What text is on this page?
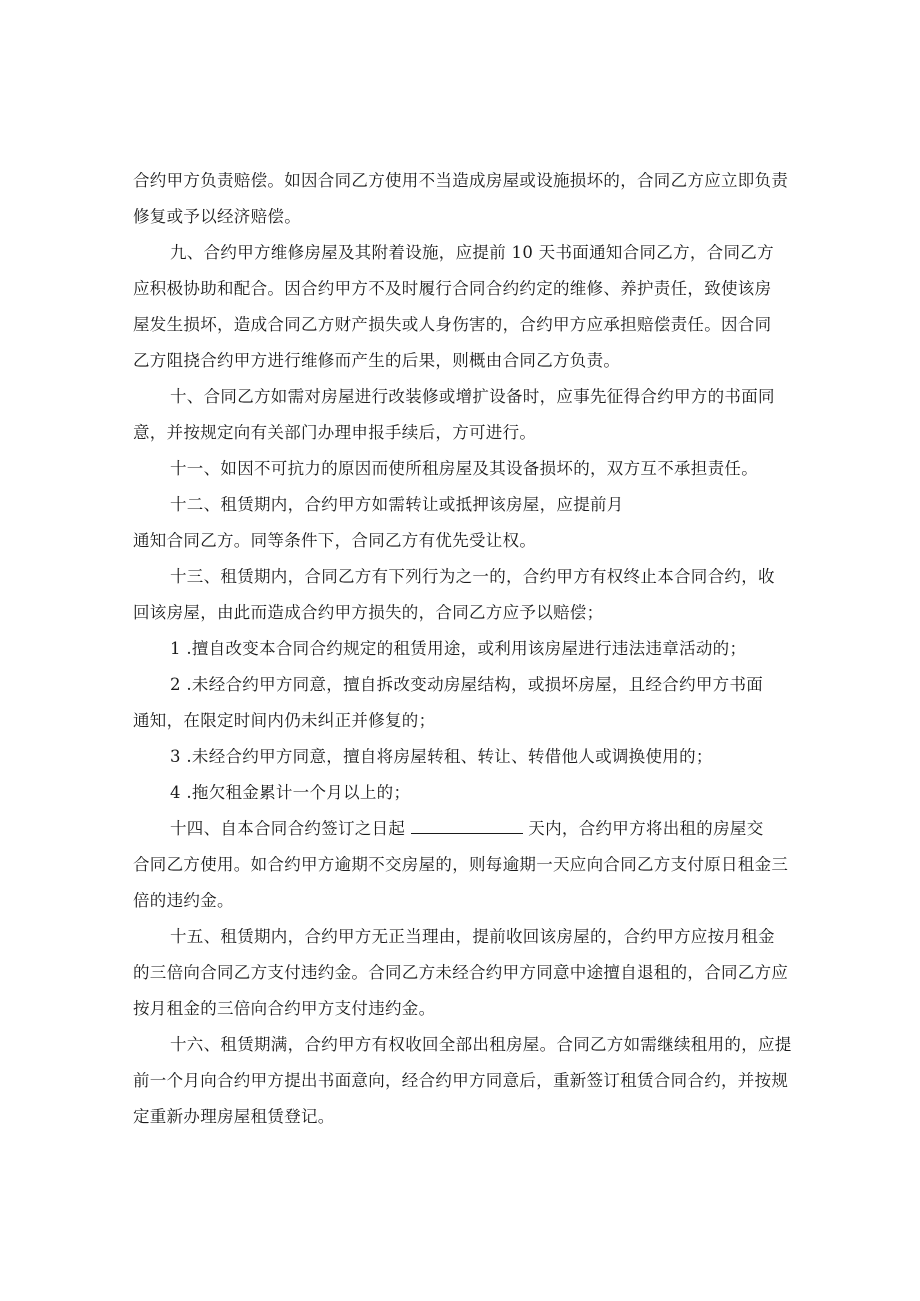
合约甲方负责赔偿。如因合同乙方使用不当造成房屋或设施损坏的，合同乙方应立即负责
修复或予以经济赔偿。
九、合约甲方维修房屋及其附着设施，应提前 10 天书面通知合同乙方，合同乙方
应积极协助和配合。因合约甲方不及时履行合同合约约定的维修、养护责任，致使该房
屋发生损坏，造成合同乙方财产损失或人身伤害的，合约甲方应承担赔偿责任。因合同
乙方阻挠合约甲方进行维修而产生的后果，则概由合同乙方负责。
十、合同乙方如需对房屋进行改装修或增扩设备时，应事先征得合约甲方的书面同
意，并按规定向有关部门办理申报手续后，方可进行。
十一、如因不可抗力的原因而使所租房屋及其设备损坏的，双方互不承担责任。
十二、租赁期内，合约甲方如需转让或抵押该房屋，应提前月
通知合同乙方。同等条件下，合同乙方有优先受让权。
十三、租赁期内，合同乙方有下列行为之一的，合约甲方有权终止本合同合约，收
回该房屋，由此而造成合约甲方损失的，合同乙方应予以赔偿；
1 .擅自改变本合同合约规定的租赁用途，或利用该房屋进行违法违章活动的；
2 .未经合约甲方同意，擅自拆改变动房屋结构，或损坏房屋，且经合约甲方书面
通知，在限定时间内仍未纠正并修复的；
3 .未经合约甲方同意，擅自将房屋转租、转让、转借他人或调换使用的；
4 .拖欠租金累计一个月以上的；
十四、自本合同合约签订之日起	天内，合约甲方将出租的房屋交
合同乙方使用。如合约甲方逾期不交房屋的，则每逾期一天应向合同乙方支付原日租金三
倍的违约金。
十五、租赁期内，合约甲方无正当理由，提前收回该房屋的，合约甲方应按月租金
的三倍向合同乙方支付违约金。合同乙方未经合约甲方同意中途擅自退租的，合同乙方应
按月租金的三倍向合约甲方支付违约金。
十六、租赁期满，合约甲方有权收回全部出租房屋。合同乙方如需继续租用的，应提
前一个月向合约甲方提出书面意向，经合约甲方同意后，重新签订租赁合同合约，并按规
定重新办理房屋租赁登记。
